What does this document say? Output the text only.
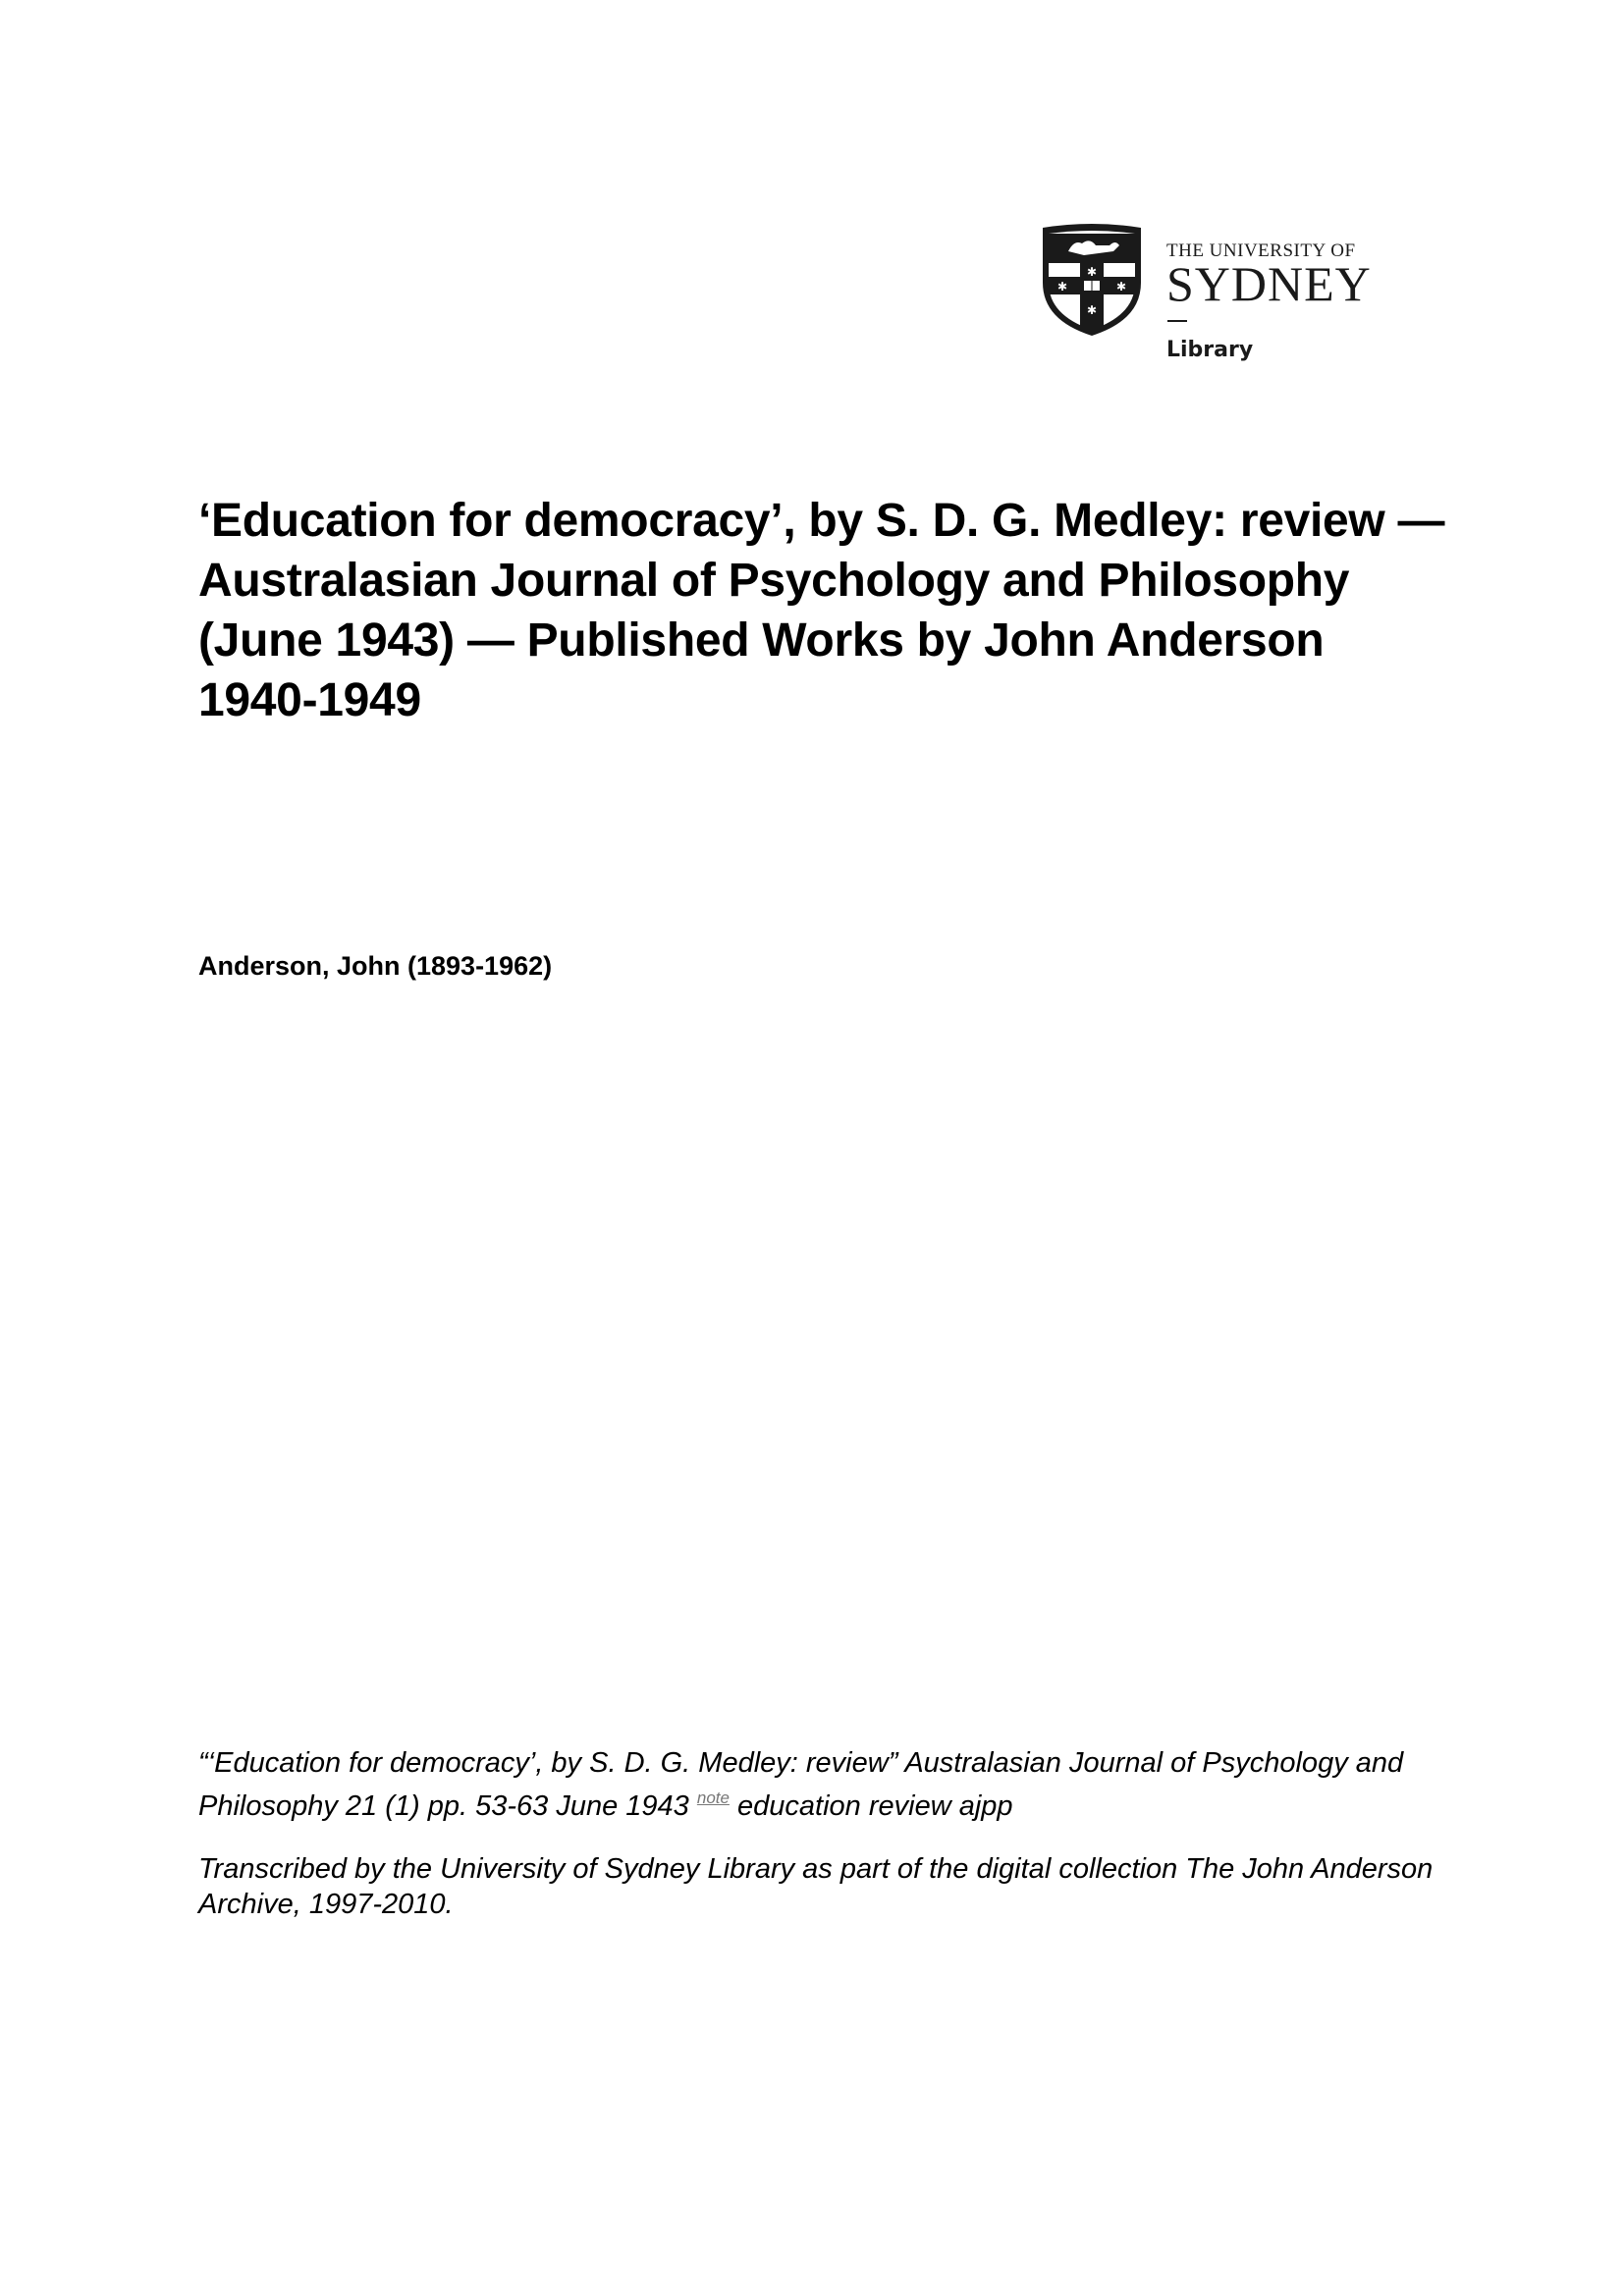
✱
✱	✱
✱
THE UNIVERSITY OF
SYDNEY
Library
‘Education for democracy’, by S. D. G. Medley: review — Australasian Journal of Psychology and Philosophy (June 1943) — Published Works by John Anderson 1940-1949

Anderson, John (1893-1962)

“‘Education for democracy’, by S. D. G. Medley: review” Australasian Journal of Psychology and Philosophy 21 (1) pp. 53-63 June 1943 $^{note}$ education review ajpp

Transcribed by the University of Sydney Library as part of the digital collection The John Anderson Archive, 1997-2010.
